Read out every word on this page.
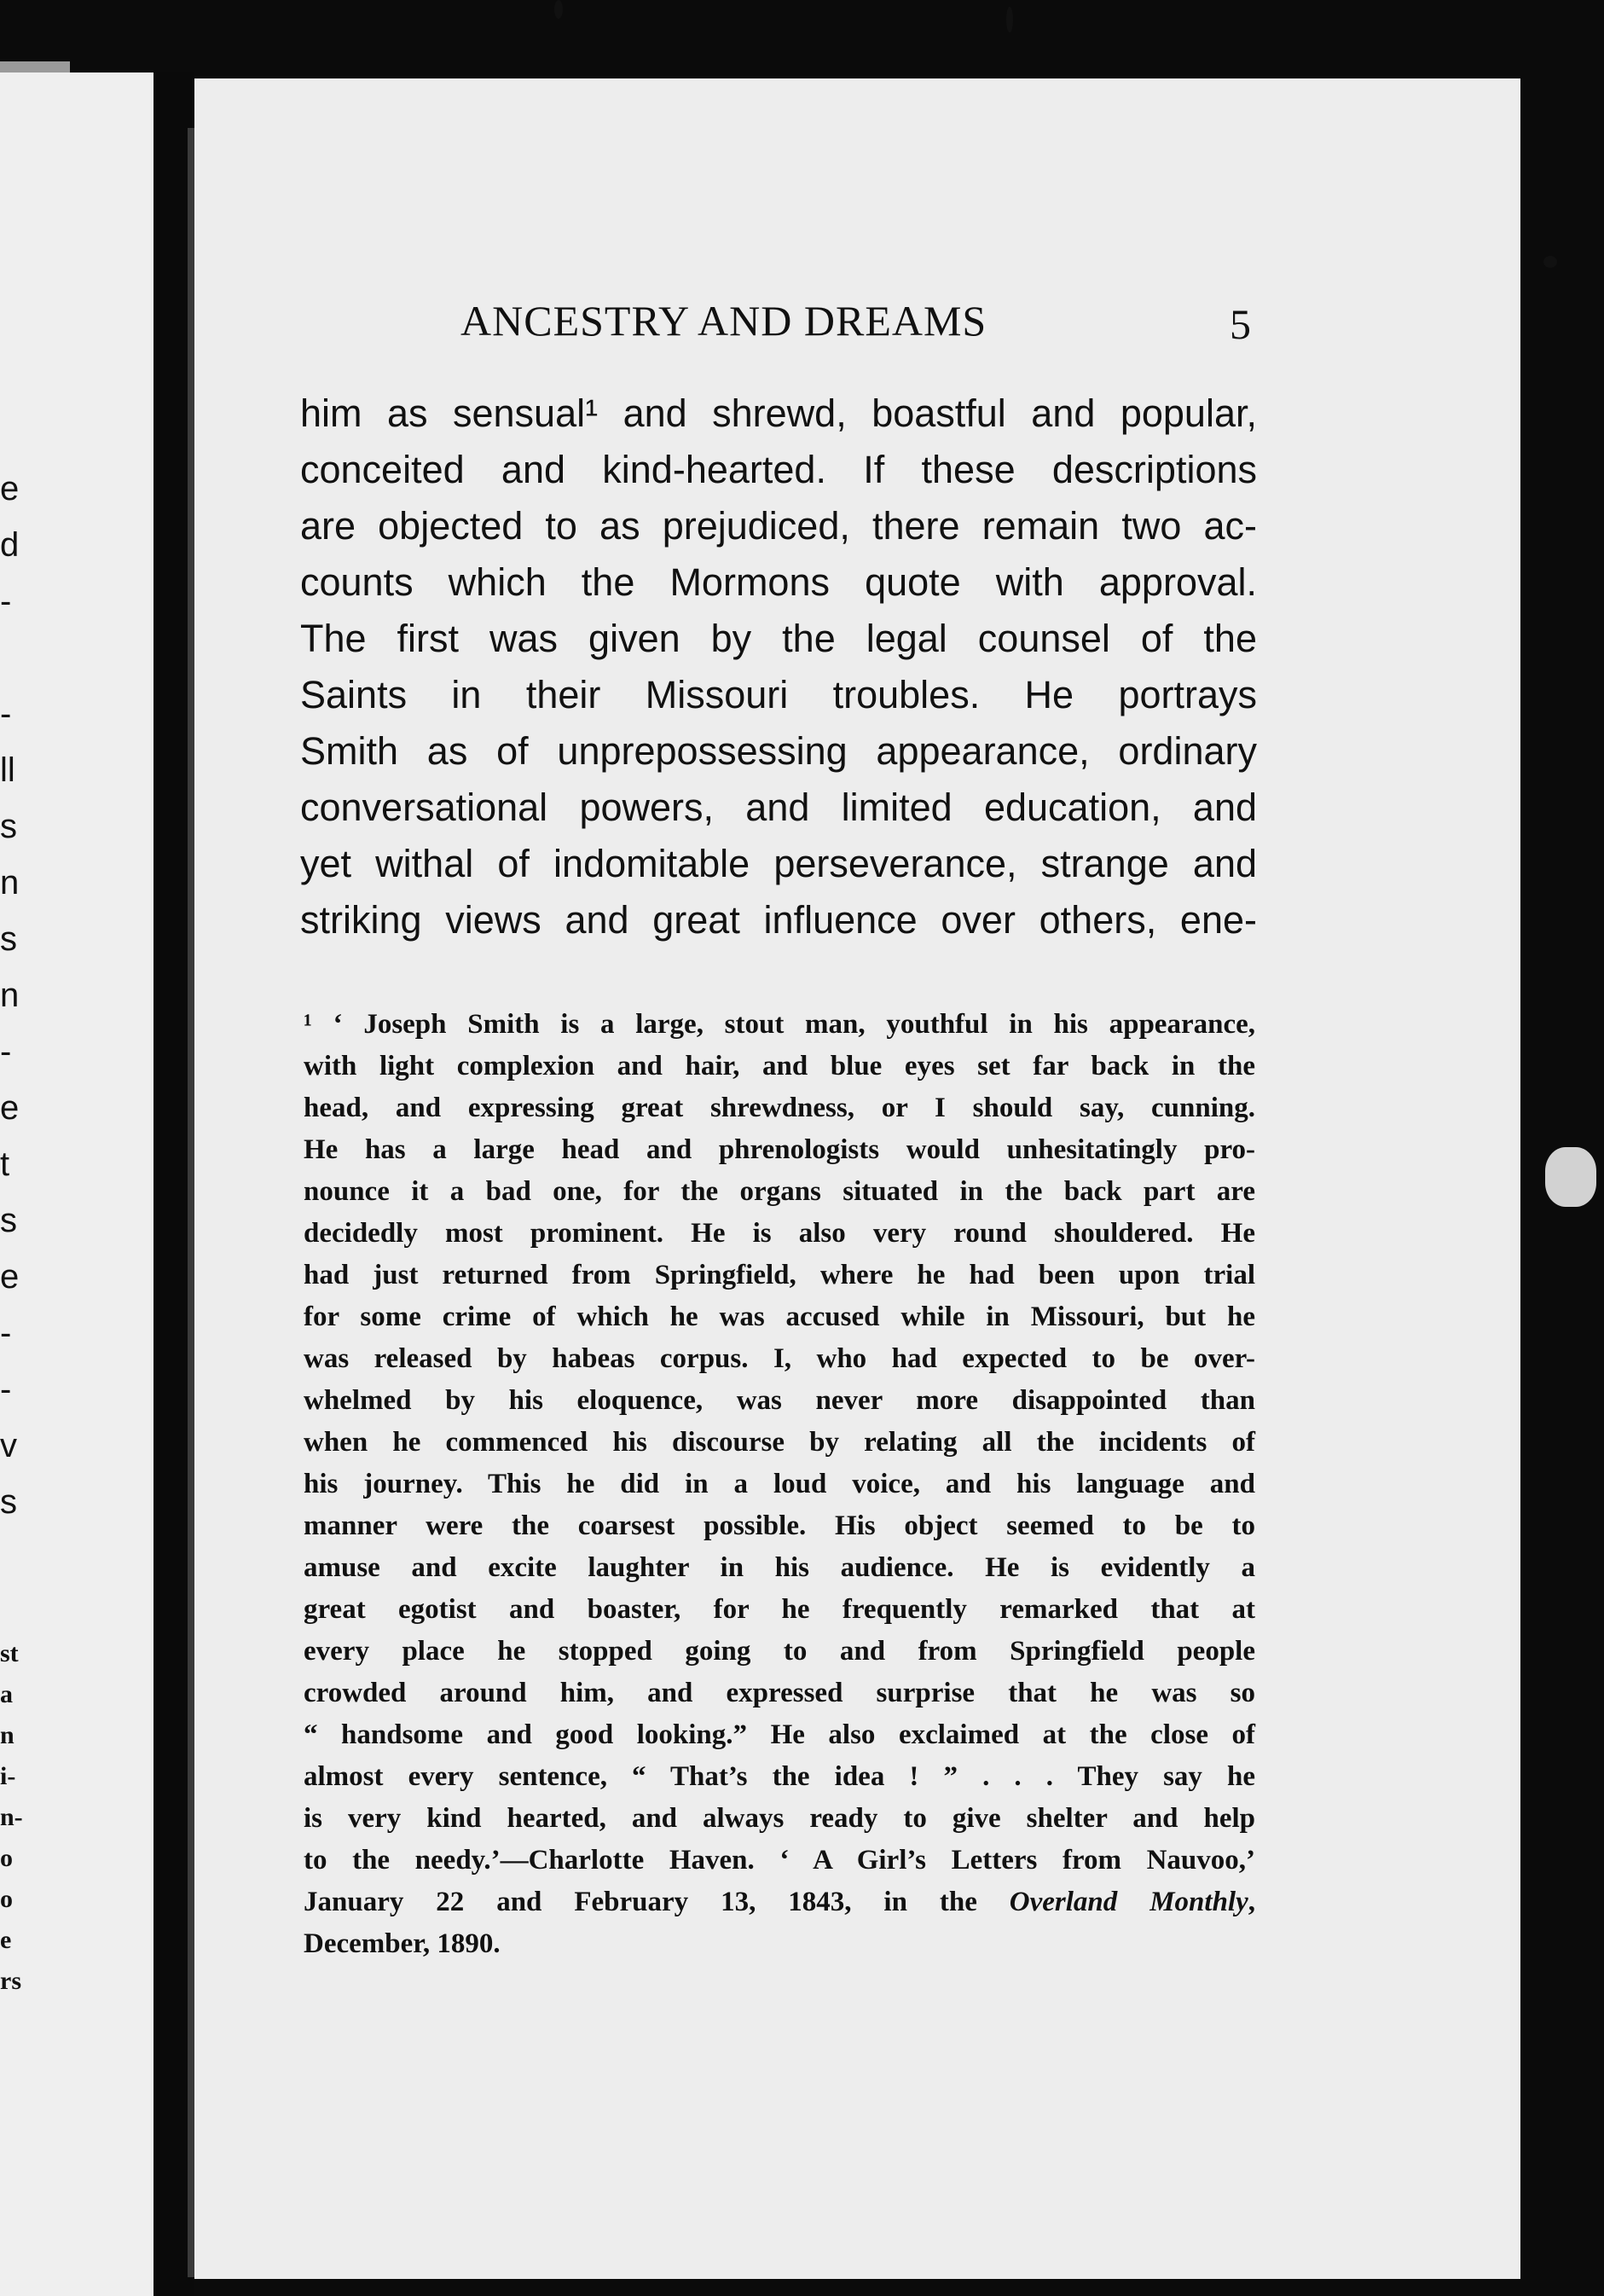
e
d
-
-
ll
s
n
s
n
-
e
t
s
e
-
-
v
s
st
a
n
i-
n-
o
o
e
rs
ANCESTRY AND DREAMS	5

him as sensual¹ and shrewd, boastful and popular,
conceited and kind-hearted. If these descriptions
are objected to as prejudiced, there remain two ac-
counts which the Mormons quote with approval.
The first was given by the legal counsel of the
Saints in their Missouri troubles. He portrays
Smith as of unprepossessing appearance, ordinary
conversational powers, and limited education, and
yet withal of indomitable perseverance, strange and
striking views and great influence over others, ene-

¹ ‘ Joseph Smith is a large, stout man, youthful in his appearance,
with light complexion and hair, and blue eyes set far back in the
head, and expressing great shrewdness, or I should say, cunning.
He has a large head and phrenologists would unhesitatingly pro-
nounce it a bad one, for the organs situated in the back part are
decidedly most prominent. He is also very round shouldered. He
had just returned from Springfield, where he had been upon trial
for some crime of which he was accused while in Missouri, but he
was released by habeas corpus. I, who had expected to be over-
whelmed by his eloquence, was never more disappointed than
when he commenced his discourse by relating all the incidents of
his journey. This he did in a loud voice, and his language and
manner were the coarsest possible. His object seemed to be to
amuse and excite laughter in his audience. He is evidently a
great egotist and boaster, for he frequently remarked that at
every place he stopped going to and from Springfield people
crowded around him, and expressed surprise that he was so
“ handsome and good looking.” He also exclaimed at the close of
almost every sentence, “ That’s the idea ! ” . . . They say he
is very kind hearted, and always ready to give shelter and help
to the needy.’—Charlotte Haven. ‘ A Girl’s Letters from Nauvoo,’
January 22 and February 13, 1843, in the Overland Monthly,
December, 1890.
